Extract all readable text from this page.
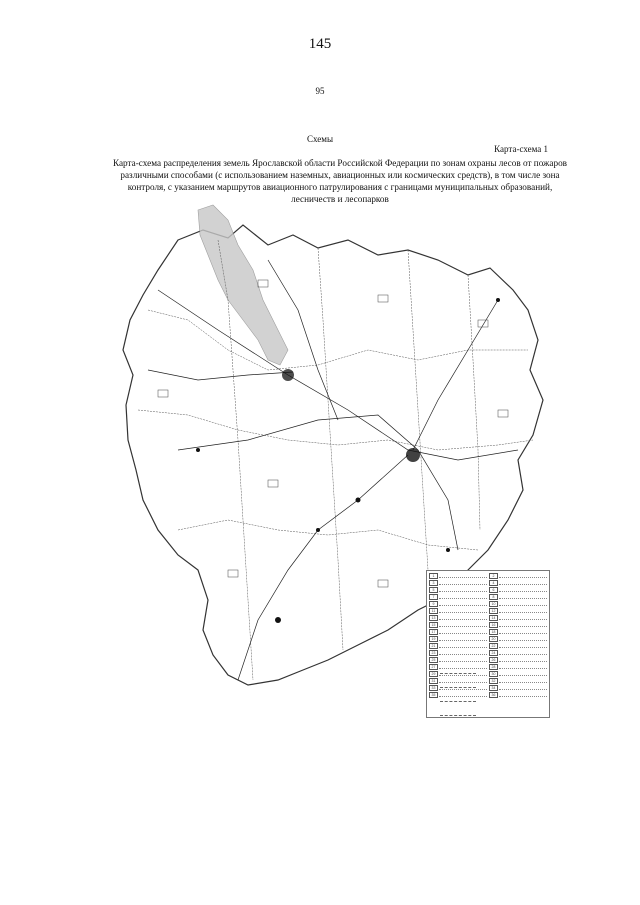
145
95
Схемы
Карта-схема 1
Карта-схема распределения земель Ярославской области Российской Федерации по зонам охраны лесов от пожаров различными способами (с использованием наземных, авиационных или космических средств), в том числе зона контроля, с указанием маршрутов авиационного патрулирования с границами муниципальных образований, лесничеств и лесопарков
1	2
3	4
5	6
7	8
9	10
11	12
13	14
15	16
17	18
19	20
21	22
23	24
25	26
27	28
29	30
31	32
33	34
35	36
